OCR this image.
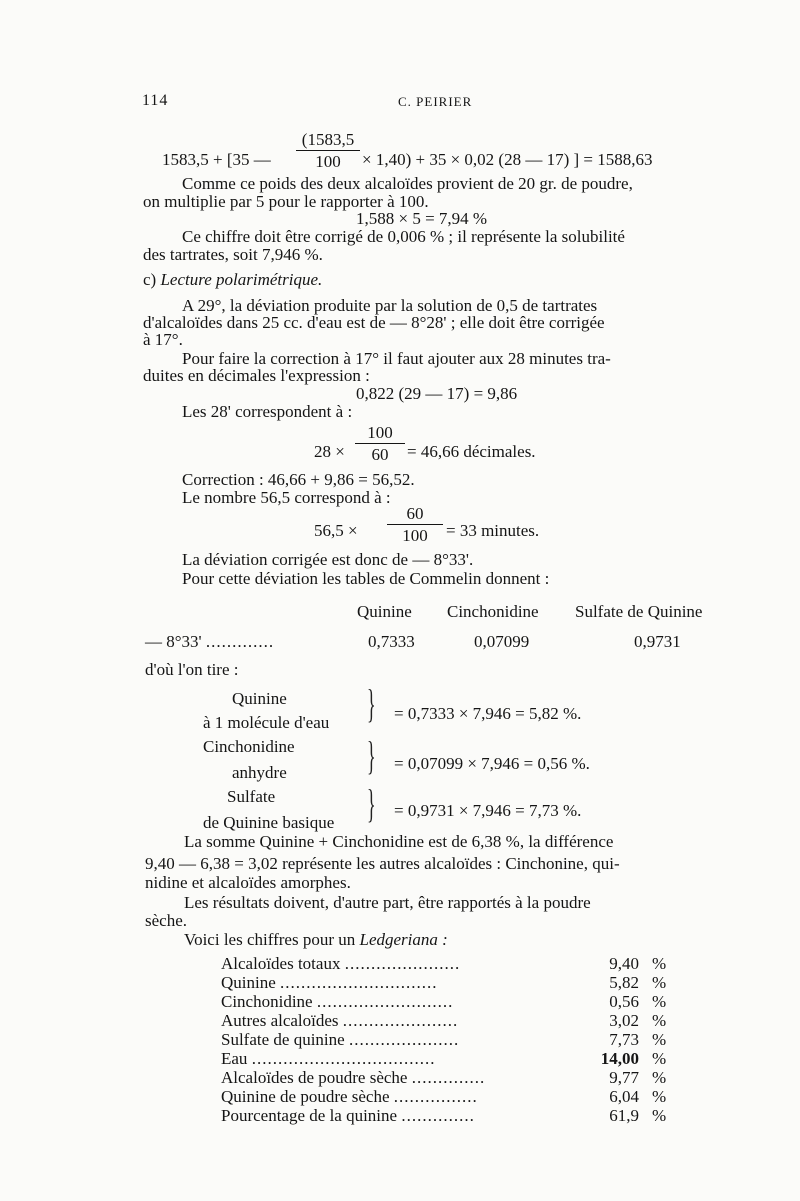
114	C. PEIRIER
1583,5 + [35 — $\frac{(1583,5}{100} \times 1,40) + 35 \times 0,02$ (28 — 17) ] = 1588,63
Comme ce poids des deux alcaloïdes provient de 20 gr. de poudre,
on multiplie par 5 pour le rapporter à 100.
1,588 × 5 = 7,94 %
Ce chiffre doit être corrigé de 0,006 % ; il représente la solubilité
des tartrates, soit 7,946 %.
c) Lecture polarimétrique.
A 29°, la déviation produite par la solution de 0,5 de tartrates
d'alcaloïdes dans 25 cc. d'eau est de — 8°28' ; elle doit être corrigée
à 17°.
Pour faire la correction à 17° il faut ajouter aux 28 minutes tra-
duites en décimales l'expression :
0,822 (29 — 17) = 9,86
Les 28' correspondent à :
$28 \times \frac{100}{60} = 46,66$ décimales.
Correction : 46,66 + 9,86 = 56,52.
Le nombre 56,5 correspond à :
$56,5 \times \frac{60}{100} = 33$ minutes.
La déviation corrigée est donc de — 8°33'.
Pour cette déviation les tables de Commelin donnent :
Quinine Cinchonidine Sulfate de Quinine
— 8°33' .............	0,7333	0,07099	0,9731
d'où l'on tire :
Quinine
à 1 molécule d'eau } = 0,7333 × 7,946 = 5,82 %.
Cinchonidine
anhydre } = 0,07099 × 7,946 = 0,56 %.
Sulfate
de Quinine basique } = 0,9731 × 7,946 = 7,73 %.
La somme Quinine + Cinchonidine est de 6,38 %, la différence
9,40 — 6,38 = 3,02 représente les autres alcaloïdes : Cinchonine, qui-
nidine et alcaloïdes amorphes.
Les résultats doivent, d'autre part, être rapportés à la poudre
sèche.
Voici les chiffres pour un Ledgeriana :
Alcaloïdes totaux ......................	9,40 %
Quinine ..............................	5,82 %
Cinchonidine ..........................	0,56 %
Autres alcaloïdes ......................	3,02 %
Sulfate de quinine .....................	7,73 %
Eau ...................................	14,00 %
Alcaloïdes de poudre sèche ..............	9,77 %
Quinine de poudre sèche ................	6,04 %
Pourcentage de la quinine ..............	61,9 %
